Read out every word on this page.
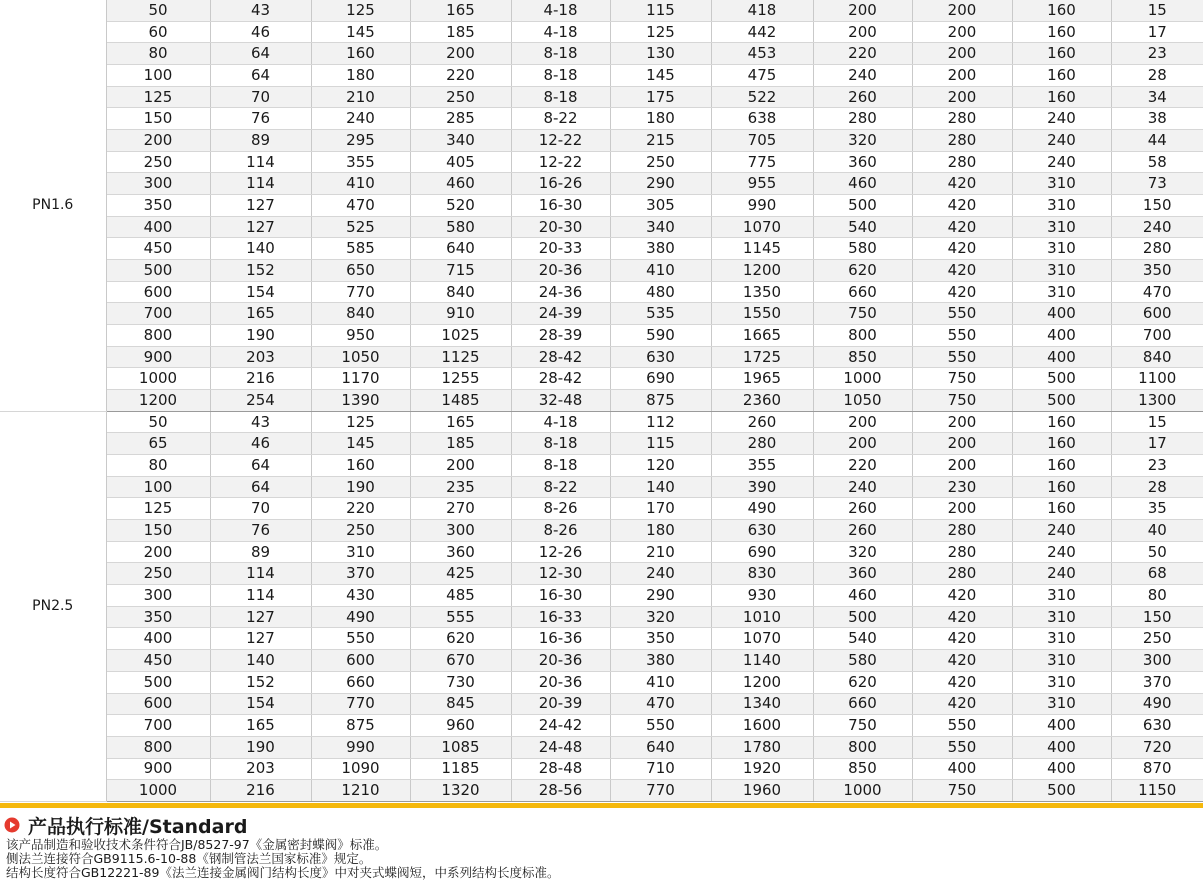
PN1.6	50	43	125	165	4-18	115	418	200	200	160	15
	60	46	145	185	4-18	125	442	200	200	160	17
	80	64	160	200	8-18	130	453	220	200	160	23
	100	64	180	220	8-18	145	475	240	200	160	28
	125	70	210	250	8-18	175	522	260	200	160	34
	150	76	240	285	8-22	180	638	280	280	240	38
	200	89	295	340	12-22	215	705	320	280	240	44
	250	114	355	405	12-22	250	775	360	280	240	58
	300	114	410	460	16-26	290	955	460	420	310	73
	350	127	470	520	16-30	305	990	500	420	310	150
	400	127	525	580	20-30	340	1070	540	420	310	240
	450	140	585	640	20-33	380	1145	580	420	310	280
	500	152	650	715	20-36	410	1200	620	420	310	350
	600	154	770	840	24-36	480	1350	660	420	310	470
	700	165	840	910	24-39	535	1550	750	550	400	600
	800	190	950	1025	28-39	590	1665	800	550	400	700
	900	203	1050	1125	28-42	630	1725	850	550	400	840
	1000	216	1170	1255	28-42	690	1965	1000	750	500	1100
	1200	254	1390	1485	32-48	875	2360	1050	750	500	1300
PN2.5	50	43	125	165	4-18	112	260	200	200	160	15
	65	46	145	185	8-18	115	280	200	200	160	17
	80	64	160	200	8-18	120	355	220	200	160	23
	100	64	190	235	8-22	140	390	240	230	160	28
	125	70	220	270	8-26	170	490	260	200	160	35
	150	76	250	300	8-26	180	630	260	280	240	40
	200	89	310	360	12-26	210	690	320	280	240	50
	250	114	370	425	12-30	240	830	360	280	240	68
	300	114	430	485	16-30	290	930	460	420	310	80
	350	127	490	555	16-33	320	1010	500	420	310	150
	400	127	550	620	16-36	350	1070	540	420	310	250
	450	140	600	670	20-36	380	1140	580	420	310	300
	500	152	660	730	20-36	410	1200	620	420	310	370
	600	154	770	845	20-39	470	1340	660	420	310	490
	700	165	875	960	24-42	550	1600	750	550	400	630
	800	190	990	1085	24-48	640	1780	800	550	400	720
	900	203	1090	1185	28-48	710	1920	850	400	400	870
	1000	216	1210	1320	28-56	770	1960	1000	750	500	1150
产品执行标准/Standard
该产品制造和验收技术条件符合JB/8527-97《金属密封蝶阀》标准。
侧法兰连接符合GB9115.6-10-88《钢制管法兰国家标准》规定。
结构长度符合GB12221-89《法兰连接金属阀门结构长度》中对夹式蝶阀短，中系列结构长度标准。
